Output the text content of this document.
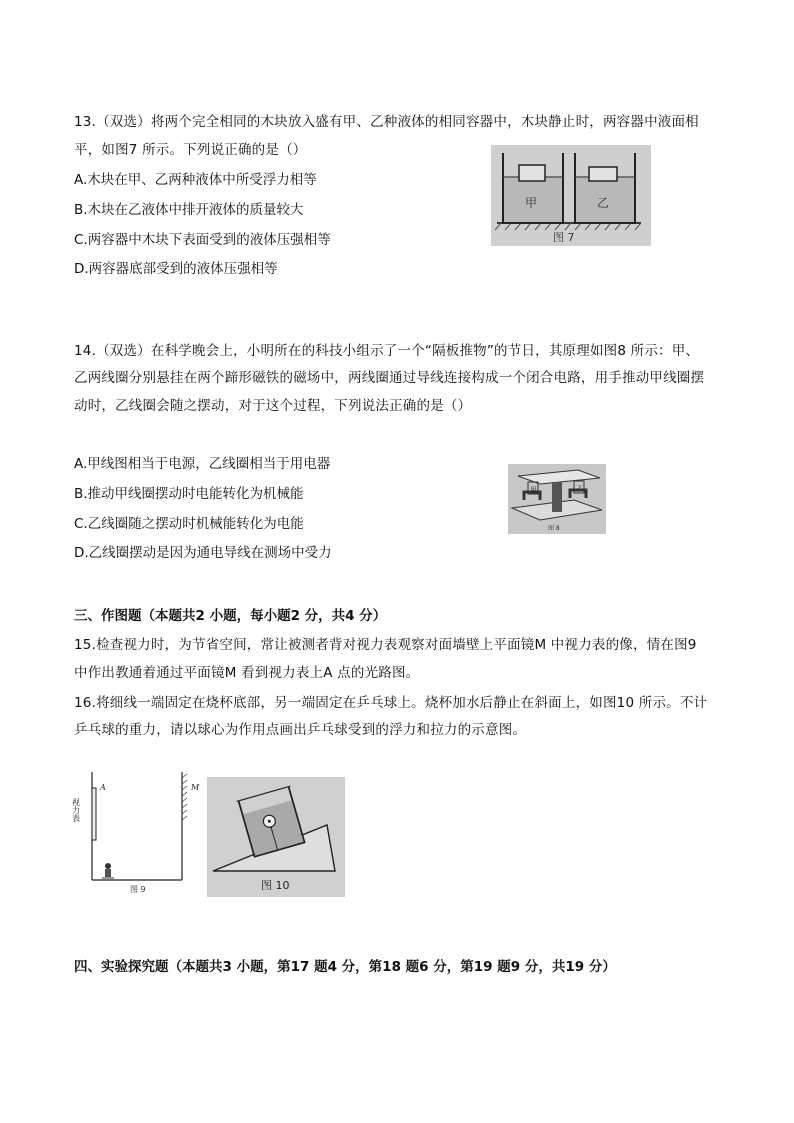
13.（双选）将两个完全相同的木块放入盛有甲、乙种液体的相同容器中，木块静止时，两容器中液面相
平，如图7 所示。下列说正确的是（）
A.木块在甲、乙两种液体中所受浮力相等
B.木块在乙液体中排开液体的质量较大
C.两容器中木块下表面受到的液体压强相等
D.两容器底部受到的液体压强相等
甲	乙
图 7
14.（双选）在科学晚会上，小明所在的科技小组示了一个“隔板推物”的节日，其原理如图8 所示：甲、
乙两线圈分别悬挂在两个蹄形磁铁的磁场中，两线圈通过导线连接构成一个闭合电路，用手推动甲线圈摆
动时，乙线圈会随之摆动，对于这个过程，下列说法正确的是（）
A.甲线图相当于电源，乙线圈相当于用电器
B.推动甲线圈摆动时电能转化为机械能
C.乙线圈随之摆动时机械能转化为电能
D.乙线圈摆动是因为通电导线在测场中受力
甲	乙
图 8
三、作图题（本题共2 小题，每小题2 分，共4 分）
15.检查视力时，为节省空间，常让被测者背对视力表观察对面墙壁上平面镜M 中视力表的像，情在图9
中作出教通着通过平面镜M 看到视力表上A 点的光路图。
16.将细线一端固定在烧杯底部，另一端固定在乒乓球上。烧杯加水后静止在斜面上，如图10 所示。不计
乒乓球的重力，请以球心为作用点画出乒乓球受到的浮力和拉力的示意图。
A	M
视力表
图 9	图 10
四、实验探究题（本题共3 小题，第17 题4 分，第18 题6 分，第19 题9 分，共19 分）
